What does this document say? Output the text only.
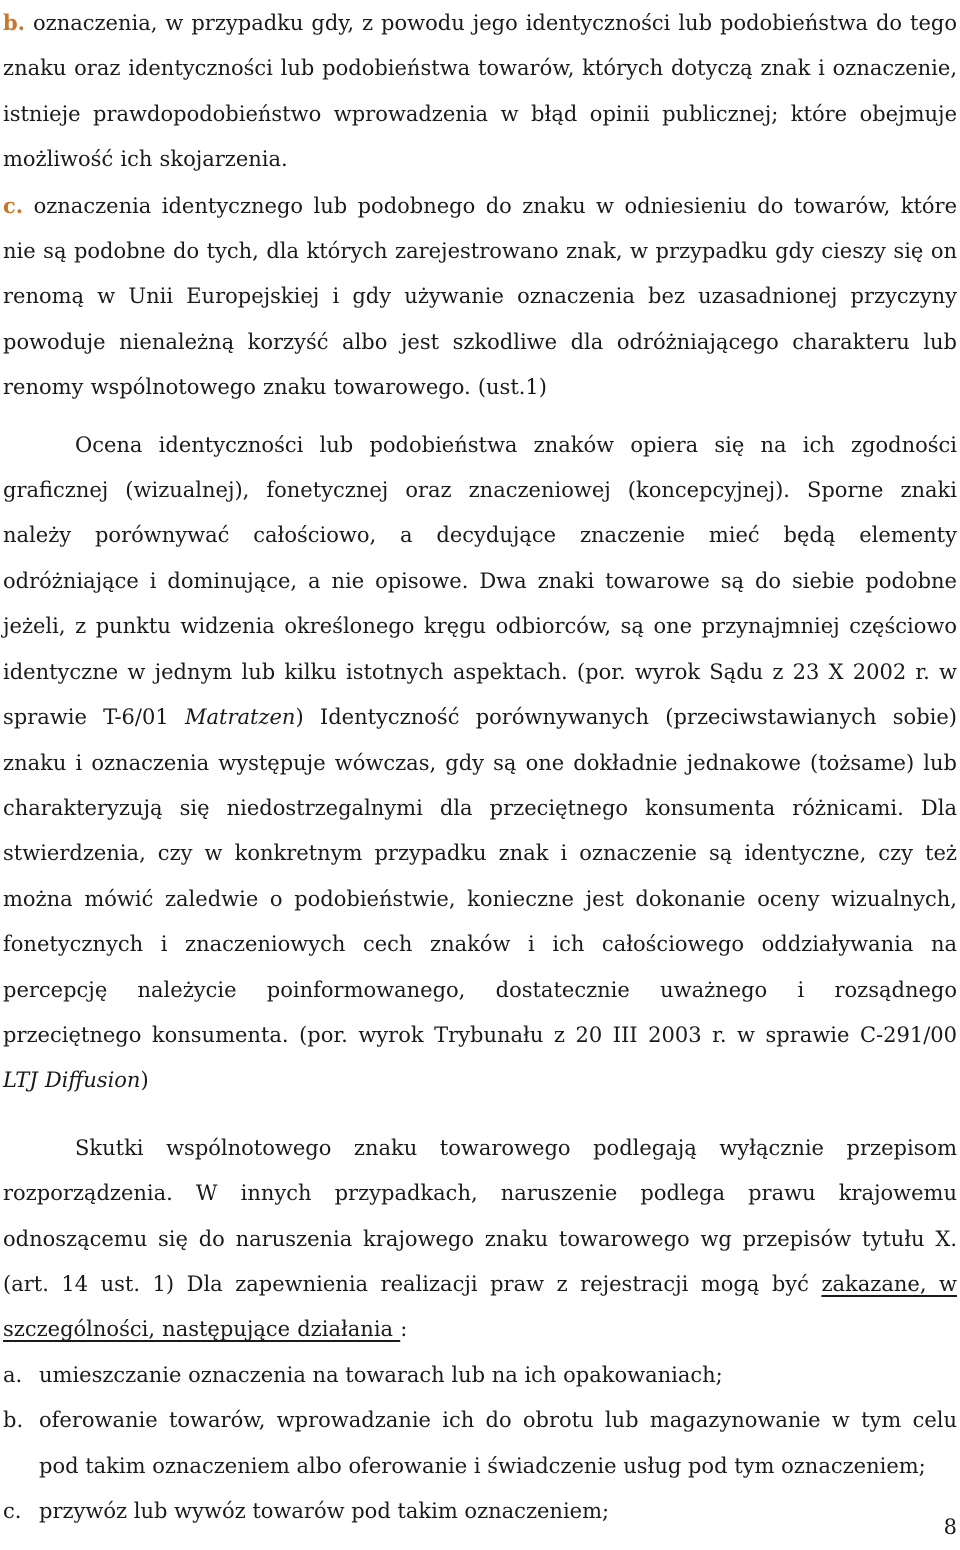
b. oznaczenia, w przypadku gdy, z powodu jego identyczności lub podobieństwa do tego znaku oraz identyczności lub podobieństwa towarów, których dotyczą znak i oznaczenie, istnieje prawdopodobieństwo wprowadzenia w błąd opinii publicznej; które obejmuje możliwość ich skojarzenia.

c. oznaczenia identycznego lub podobnego do znaku w odniesieniu do towarów, które nie są podobne do tych, dla których zarejestrowano znak, w przypadku gdy cieszy się on renomą w Unii Europejskiej i gdy używanie oznaczenia bez uzasadnionej przyczyny powoduje nienależną korzyść albo jest szkodliwe dla odróżniającego charakteru lub renomy wspólnotowego znaku towarowego. (ust.1)

Ocena identyczności lub podobieństwa znaków opiera się na ich zgodności graficznej (wizualnej), fonetycznej oraz znaczeniowej (koncepcyjnej). Sporne znaki należy porównywać całościowo, a decydujące znaczenie mieć będą elementy odróżniające i dominujące, a nie opisowe. Dwa znaki towarowe są do siebie podobne jeżeli, z punktu widzenia określonego kręgu odbiorców, są one przynajmniej częściowo identyczne w jednym lub kilku istotnych aspektach. (por. wyrok Sądu z 23 X 2002 r. w sprawie T-6/01 Matratzen) Identyczność porównywanych (przeciwstawianych sobie) znaku i oznaczenia występuje wówczas, gdy są one dokładnie jednakowe (tożsame) lub charakteryzują się niedostrzegalnymi dla przeciętnego konsumenta różnicami. Dla stwierdzenia, czy w konkretnym przypadku znak i oznaczenie są identyczne, czy też można mówić zaledwie o podobieństwie, konieczne jest dokonanie oceny wizualnych, fonetycznych i znaczeniowych cech znaków i ich całościowego oddziaływania na percepcję należycie poinformowanego, dostatecznie uważnego i rozsądnego przeciętnego konsumenta. (por. wyrok Trybunału z 20 III 2003 r. w sprawie C-291/00 LTJ Diffusion)

Skutki wspólnotowego znaku towarowego podlegają wyłącznie przepisom rozporządzenia. W innych przypadkach, naruszenie podlega prawu krajowemu odnoszącemu się do naruszenia krajowego znaku towarowego wg przepisów tytułu X. (art. 14 ust. 1) Dla zapewnienia realizacji praw z rejestracji mogą być zakazane, w szczególności, następujące działania :

a. umieszczanie oznaczenia na towarach lub na ich opakowaniach;
b. oferowanie towarów, wprowadzanie ich do obrotu lub magazynowanie w tym celu pod takim oznaczeniem albo oferowanie i świadczenie usług pod tym oznaczeniem;
c. przywóz lub wywóz towarów pod takim oznaczeniem;
8
